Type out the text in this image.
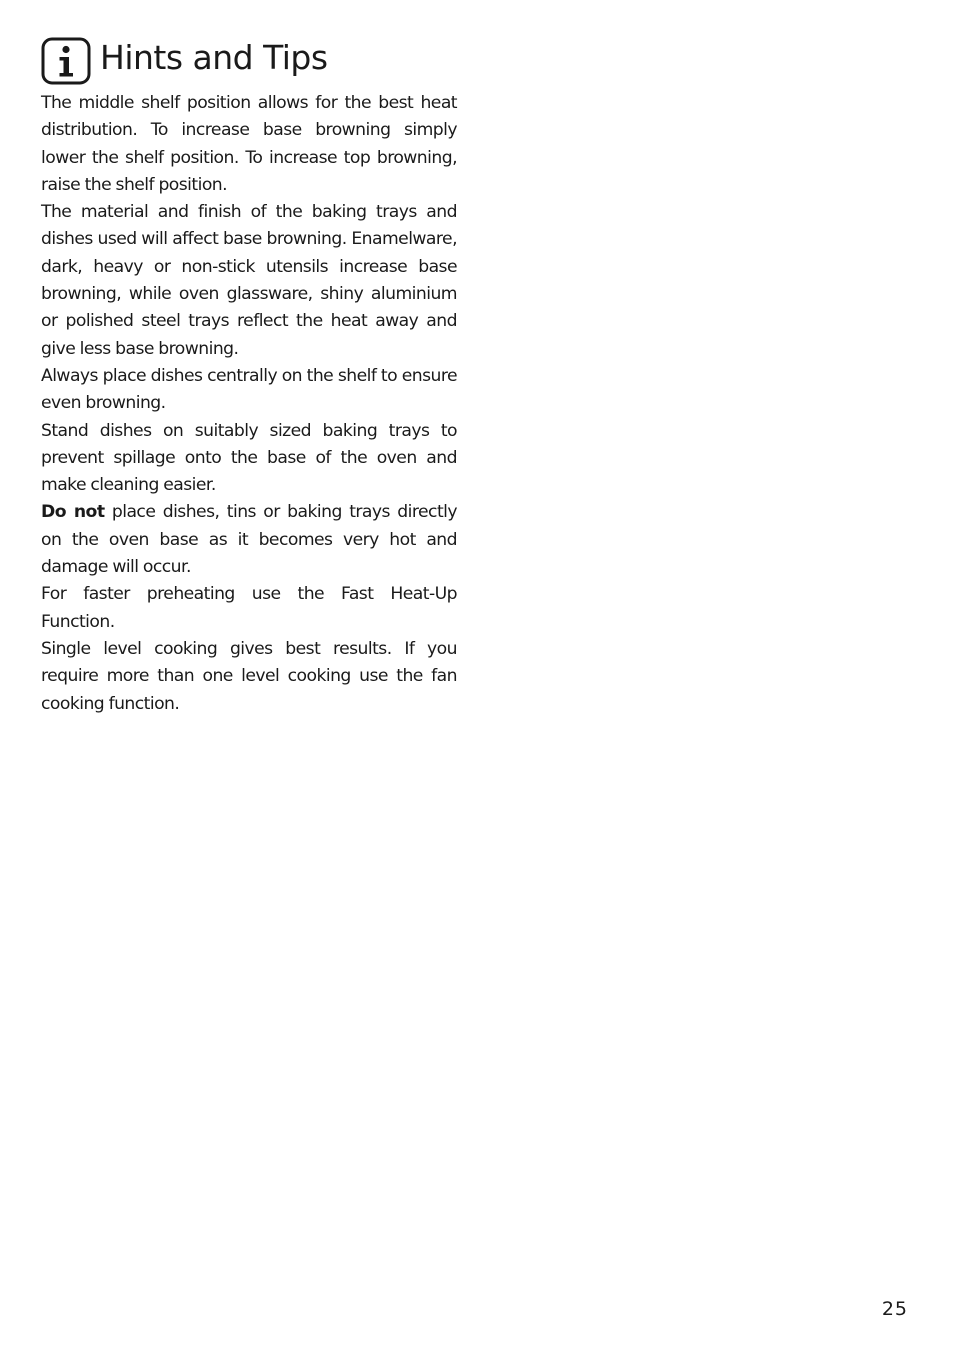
Hints and Tips

The middle shelf position allows for the best heat distribution. To increase base browning simply lower the shelf position. To increase top browning, raise the shelf position.

The material and finish of the baking trays and dishes used will affect base browning. Enamelware, dark, heavy or non-stick utensils increase base browning, while oven glassware, shiny aluminium or polished steel trays reflect the heat away and give less base browning.

Always place dishes centrally on the shelf to ensure even browning.

Stand dishes on suitably sized baking trays to prevent spillage onto the base of the oven and make cleaning easier.

Do not place dishes, tins or baking trays directly on the oven base as it becomes very hot and damage will occur.

For faster preheating use the Fast Heat-Up Function.

Single level cooking gives best results. If you require more than one level cooking use the fan cooking function.

25
